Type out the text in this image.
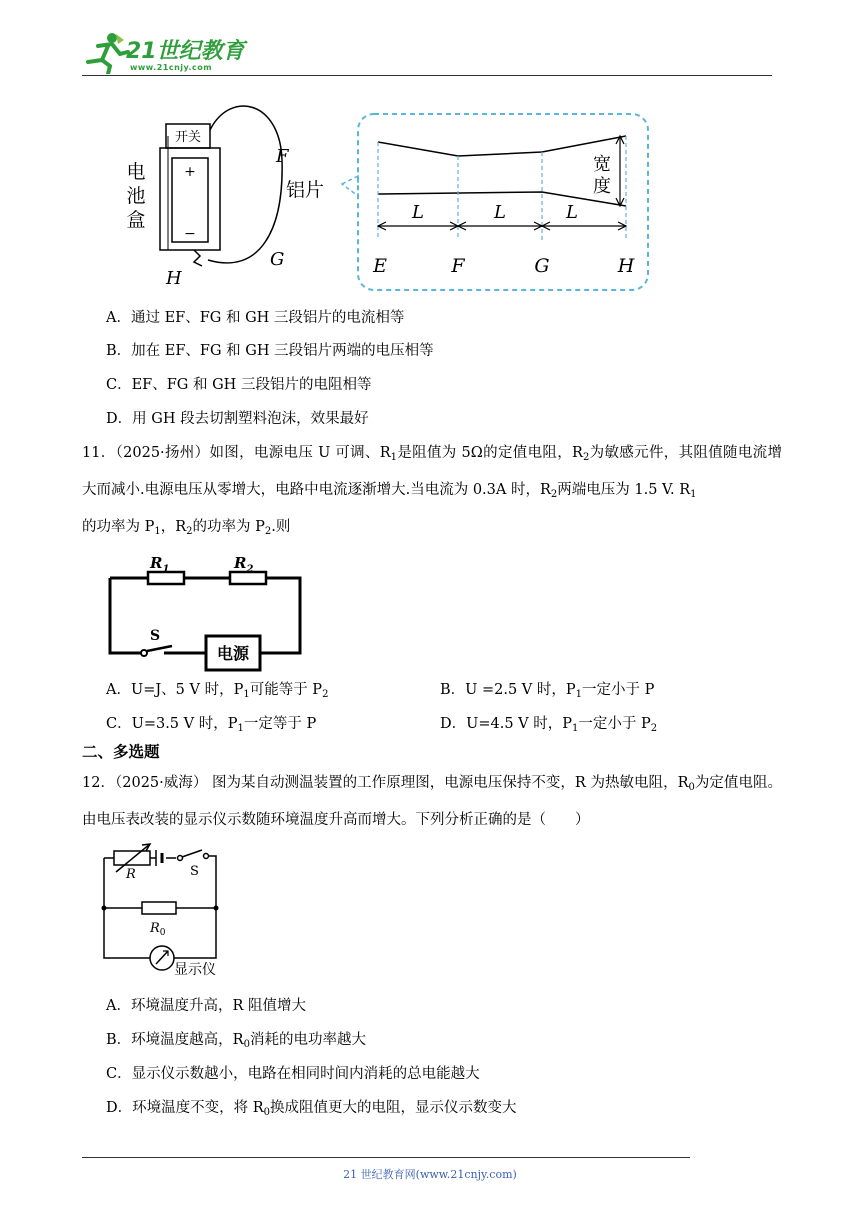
21世纪教育
www.21cnjy.com
开关
+
−
电
池
盒
F
G
H
铝片
宽
度
L	L	L
E	F	G	H
A．通过 EF、FG 和 GH 三段铝片的电流相等
B．加在 EF、FG 和 GH 三段铝片两端的电压相等
C．EF、FG 和 GH 三段铝片的电阻相等
D．用 GH 段去切割塑料泡沫，效果最好
11．（2025·扬州）如图，电源电压 U 可调、$R_1$是阻值为 5Ω的定值电阻，$R_2$为敏感元件，其阻值随电流增大而减小.电源电压从零增大，电路中电流逐渐增大.当电流为 0.3A 时，$R_2$两端电压为 1.5 V. $R_1$
的功率为 $P_1$，$R_2$的功率为 $P_2$.则
$R_1$	$R_2$
S
电源
A．U=J、5 V 时，$P_1$可能等于 $P_2$	B．U =2.5 V 时，$P_1$一定小于 P
C．U=3.5 V 时，$P_1$一定等于 P	D．U=4.5 V 时，$P_1$一定小于 $P_2$
二、多选题
12．（2025·威海） 图为某自动测温装置的工作原理图，电源电压保持不变，R 为热敏电阻，$R_0$为定值电阻。由电压表改装的显示仪示数随环境温度升高而增大。下列分析正确的是（　　）
R	S
$R_0$
显示仪
A．环境温度升高，R 阻值增大
B．环境温度越高，$R_0$消耗的电功率越大
C．显示仪示数越小，电路在相同时间内消耗的总电能越大
D．环境温度不变，将 $R_0$换成阻值更大的电阻，显示仪示数变大
21 世纪教育网(www.21cnjy.com)
